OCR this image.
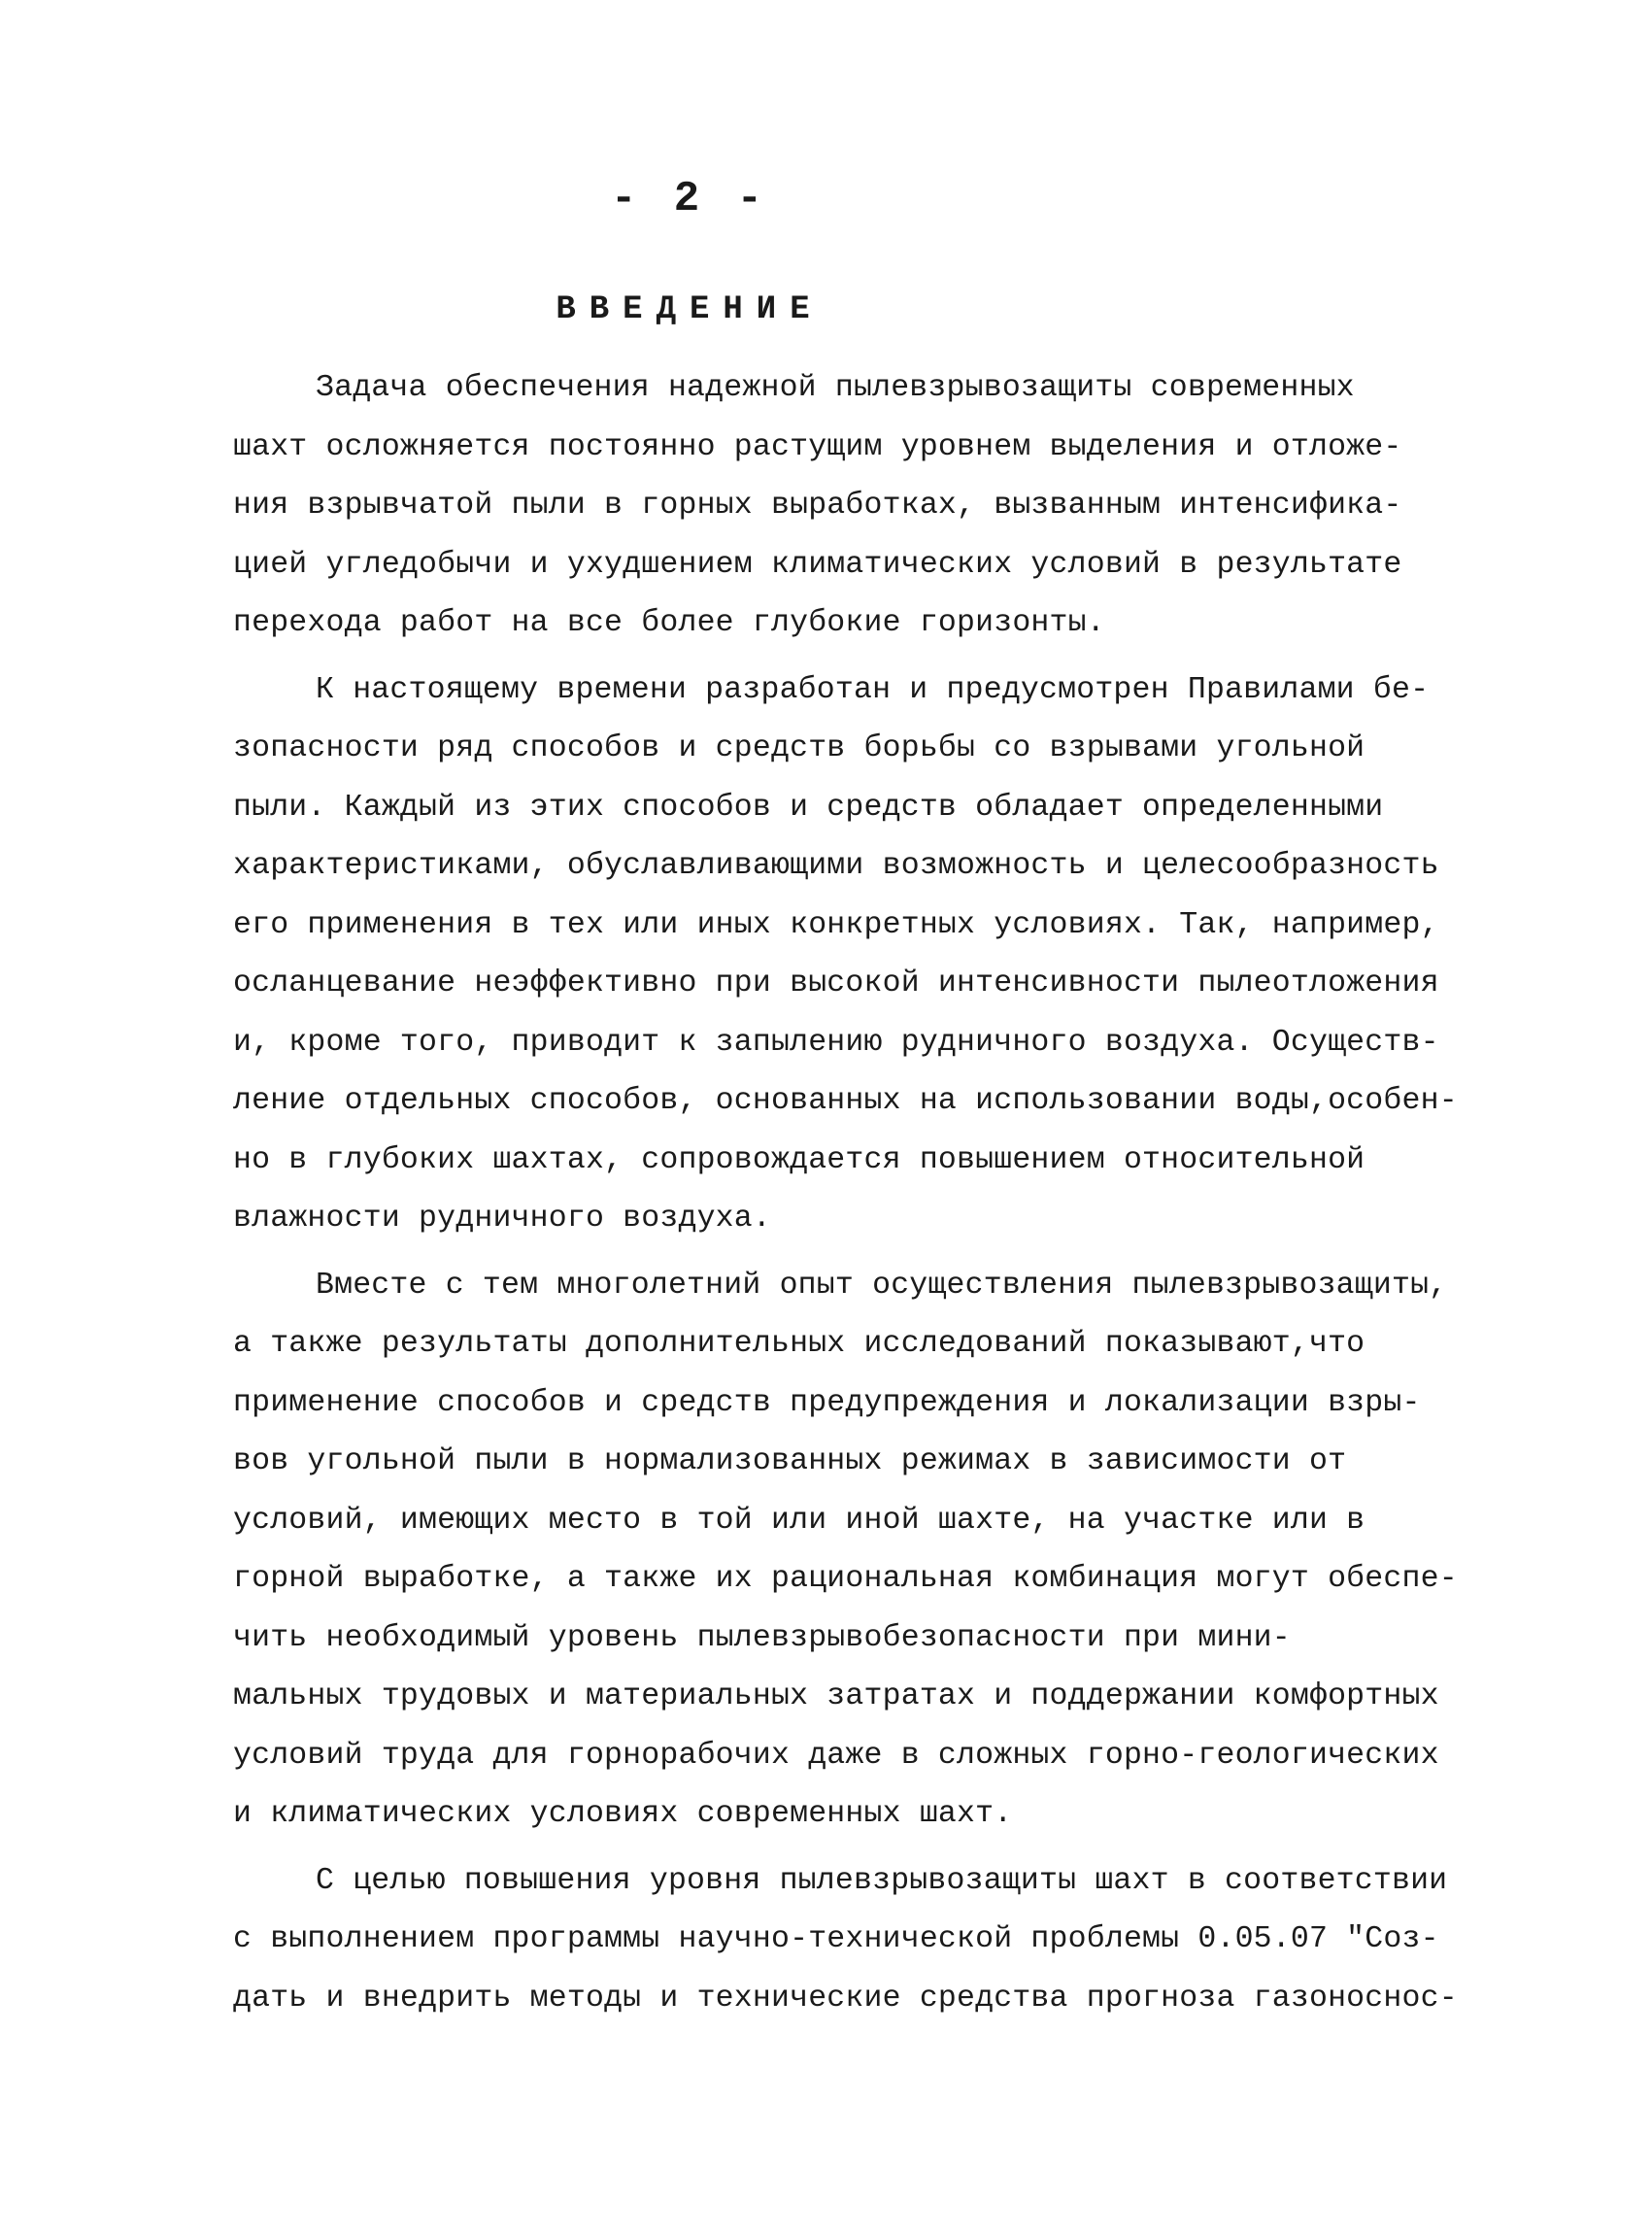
- 2 -
ВВЕДЕНИЕ
Задача обеспечения надежной пылевзрывозащиты современных
шахт осложняется постоянно растущим уровнем выделения и отложе-
ния взрывчатой пыли в горных выработках, вызванным интенсифика-
цией угледобычи и ухудшением климатических условий в результате
перехода работ на все более глубокие горизонты.
К настоящему времени разработан и предусмотрен Правилами бе-
зопасности ряд способов и средств борьбы со взрывами угольной
пыли. Каждый из этих способов и средств обладает определенными
характеристиками, обуславливающими возможность и целесообразность
его применения в тех или иных конкретных условиях. Так, например,
осланцевание неэффективно при высокой интенсивности пылеотложения
и, кроме того, приводит к запылению рудничного воздуха. Осуществ-
ление отдельных способов, основанных на использовании воды,особен-
но в глубоких шахтах, сопровождается повышением относительной
влажности рудничного воздуха.
Вместе с тем многолетний опыт осуществления пылевзрывозащиты,
а также результаты дополнительных исследований показывают,что
применение способов и средств предупреждения и локализации взры-
вов угольной пыли в нормализованных режимах в зависимости от
условий, имеющих место в той или иной шахте, на участке или в
горной выработке, а также их рациональная комбинация могут обеспе-
чить необходимый уровень пылевзрывобезопасности при мини-
мальных трудовых и материальных затратах и поддержании комфортных
условий труда для горнорабочих даже в сложных горно-геологических
и климатических условиях современных шахт.
С целью повышения уровня пылевзрывозащиты шахт в соответствии
с выполнением программы научно-технической проблемы 0.05.07 "Соз-
дать и внедрить методы и технические средства прогноза газоноснос-
